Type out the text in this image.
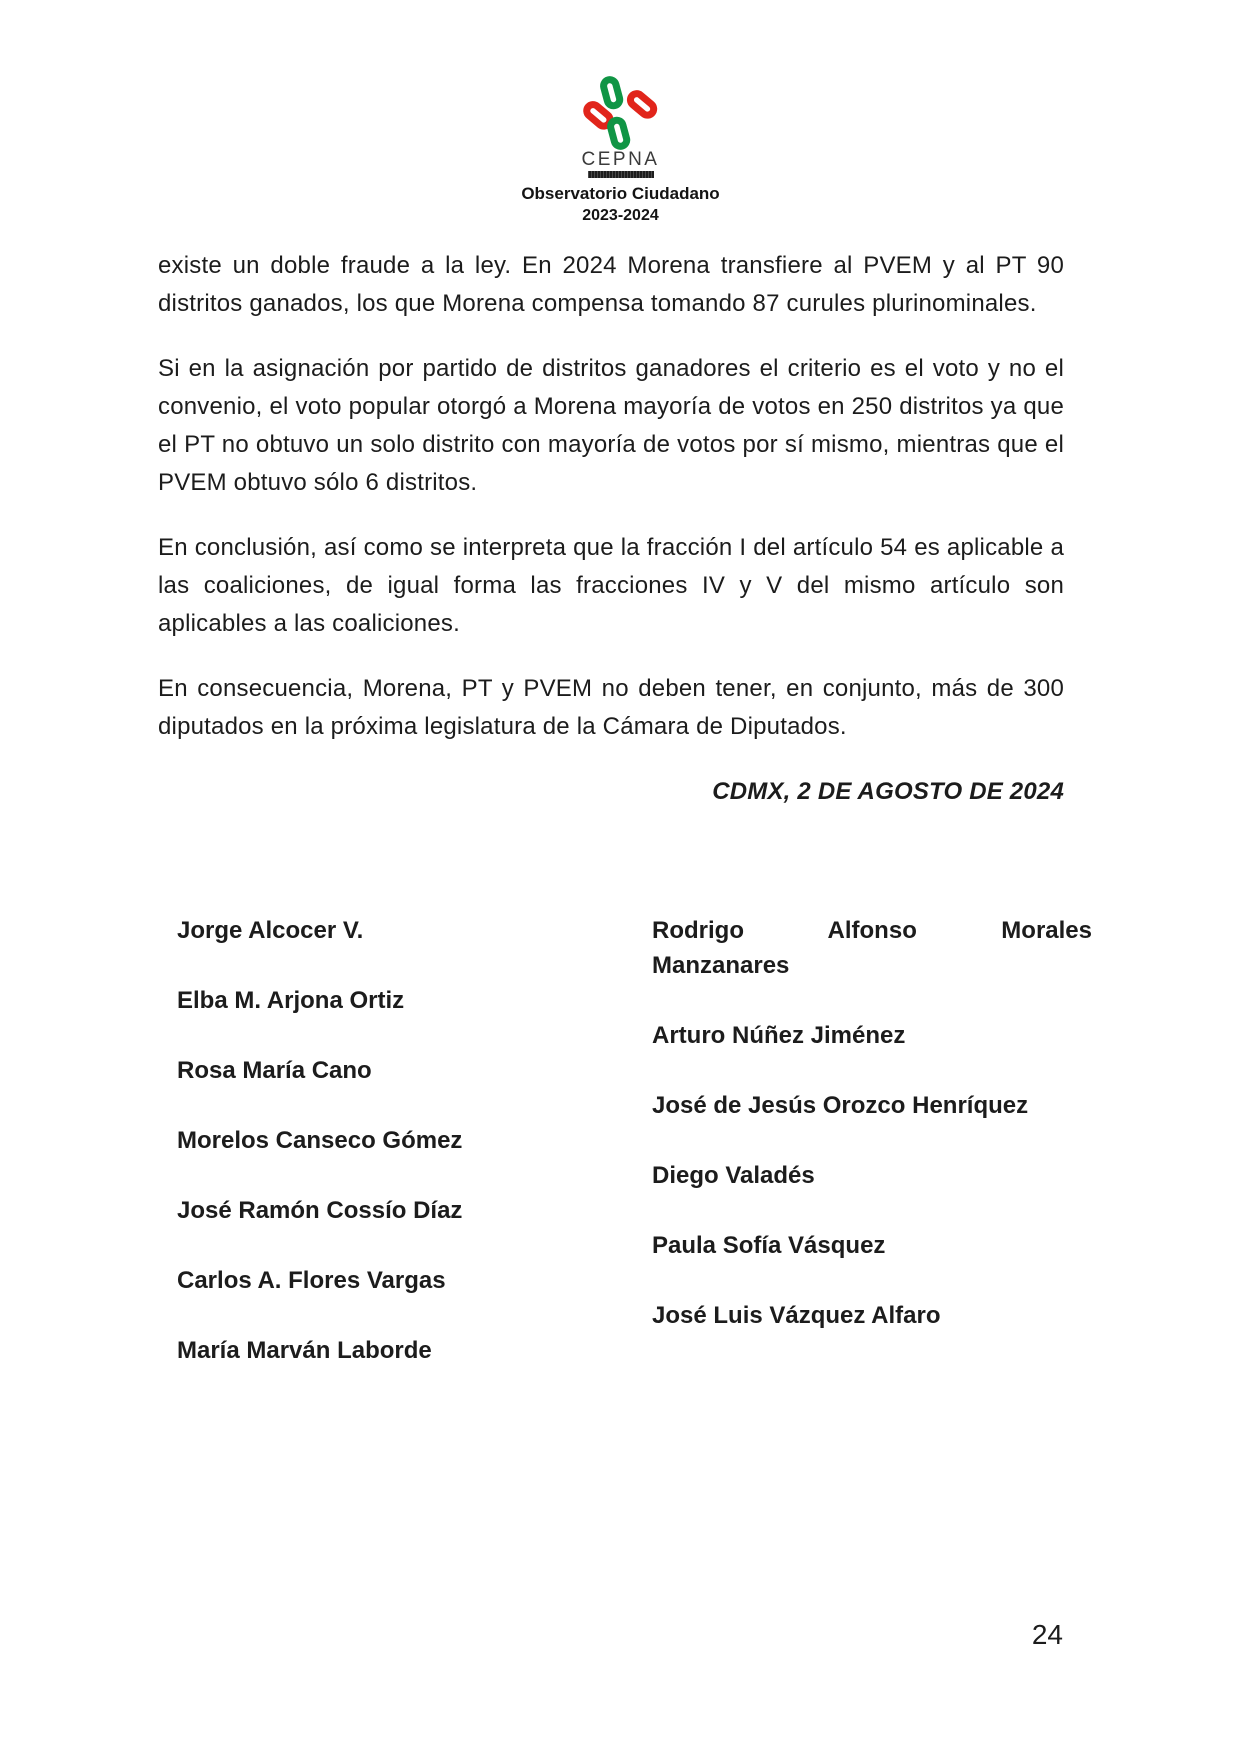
CEPNA
Observatorio Ciudadano
2023-2024

existe un doble fraude a la ley. En 2024 Morena transfiere al PVEM y al PT 90 distritos ganados, los que Morena compensa tomando 87 curules plurinominales.

Si en la asignación por partido de distritos ganadores el criterio es el voto y no el convenio, el voto popular otorgó a Morena mayoría de votos en 250 distritos ya que el PT no obtuvo un solo distrito con mayoría de votos por sí mismo, mientras que el PVEM obtuvo sólo 6 distritos.

En conclusión, así como se interpreta que la fracción I del artículo 54 es aplicable a las coaliciones, de igual forma las fracciones IV y V del mismo artículo son aplicables a las coaliciones.

En consecuencia, Morena, PT y PVEM no deben tener, en conjunto, más de 300 diputados en la próxima legislatura de la Cámara de Diputados.

CDMX, 2 DE AGOSTO DE 2024

Jorge Alcocer V.
Elba M. Arjona Ortiz
Rosa María Cano
Morelos Canseco Gómez
José Ramón Cossío Díaz
Carlos A. Flores Vargas
María Marván Laborde
Rodrigo Alfonso Morales
Manzanares
Arturo Núñez Jiménez
José de Jesús Orozco Henríquez
Diego Valadés
Paula Sofía Vásquez
José Luis Vázquez Alfaro
24
